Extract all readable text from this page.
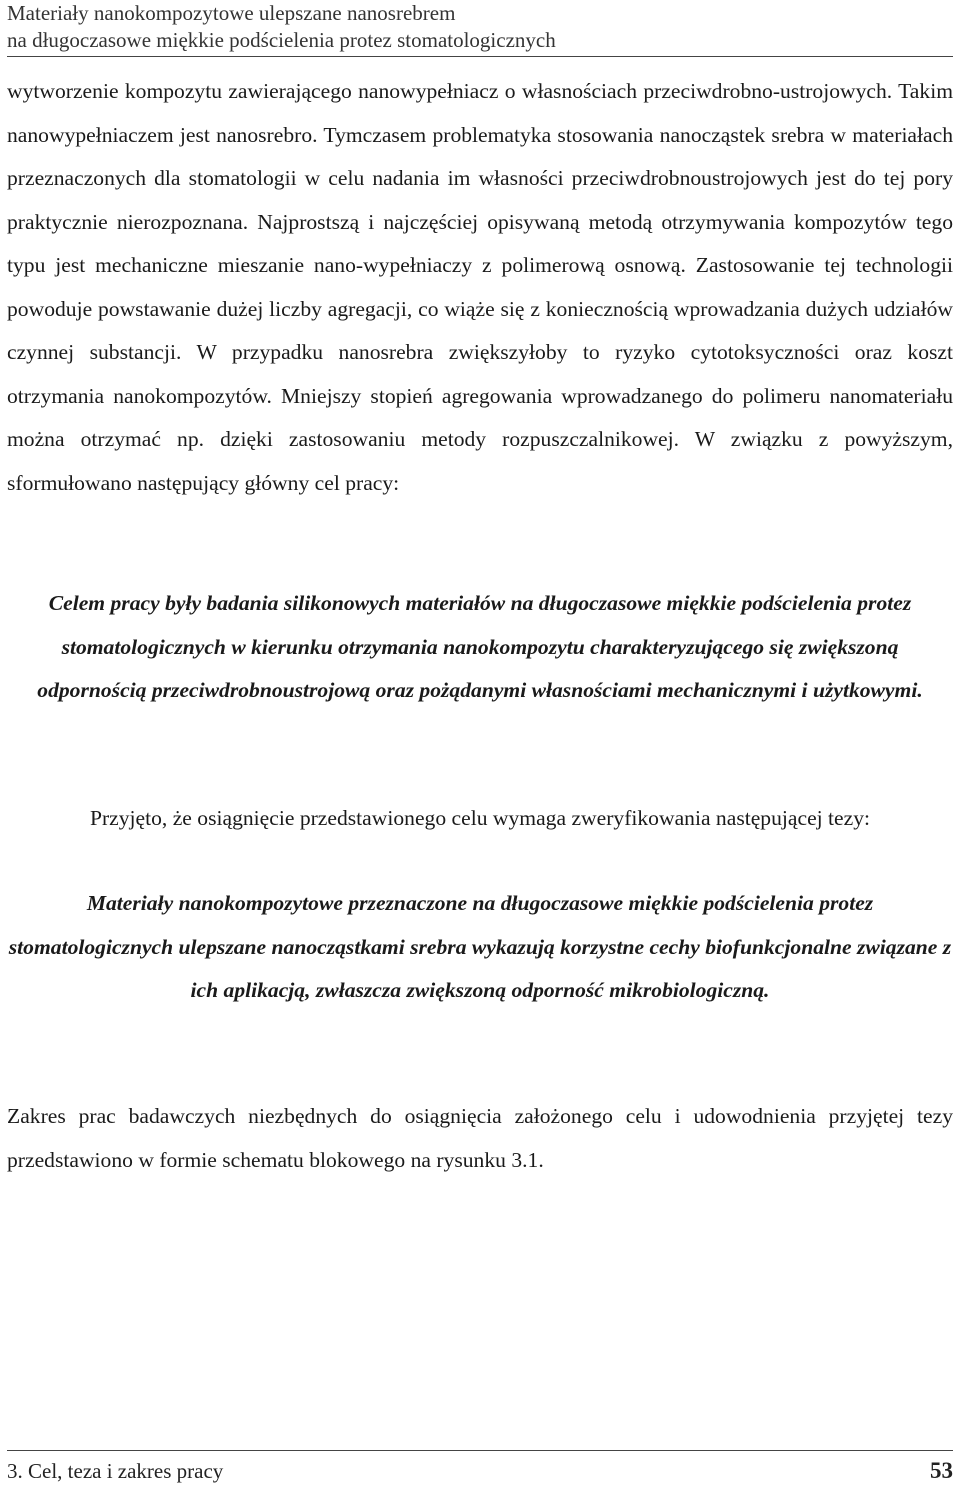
Materiały nanokompozytowe ulepszane nanosrebrem
na długoczasowe miękkie podścielenia protez stomatologicznych
wytworzenie kompozytu zawierającego nanowypełniacz o własnościach przeciwdrobno-ustrojowych. Takim nanowypełniaczem jest nanosrebro. Tymczasem problematyka stosowania nanocząstek srebra w materiałach przeznaczonych dla stomatologii w celu nadania im własności przeciwdrobnoustrojowych jest do tej pory praktycznie nierozpoznana. Najprostszą i najczęściej opisywaną metodą otrzymywania kompozytów tego typu jest mechaniczne mieszanie nano-wypełniaczy z polimerową osnową. Zastosowanie tej technologii powoduje powstawanie dużej liczby agregacji, co wiąże się z koniecznością wprowadzania dużych udziałów czynnej substancji. W przypadku nanosrebra zwiększyłoby to ryzyko cytotoksyczności oraz koszt otrzymania nanokompozytów. Mniejszy stopień agregowania wprowadzanego do polimeru nanomateriału można otrzymać np. dzięki zastosowaniu metody rozpuszczalnikowej. W związku z powyższym, sformułowano następujący główny cel pracy:
Celem pracy były badania silikonowych materiałów na długoczasowe miękkie podścielenia protez stomatologicznych w kierunku otrzymania nanokompozytu charakteryzującego się zwiększoną odpornością przeciwdrobnoustrojową oraz pożądanymi własnościami mechanicznymi i użytkowymi.
Przyjęto, że osiągnięcie przedstawionego celu wymaga zweryfikowania następującej tezy:
Materiały nanokompozytowe przeznaczone na długoczasowe miękkie podścielenia protez stomatologicznych ulepszane nanocząstkami srebra wykazują korzystne cechy biofunkcjonalne związane z ich aplikacją, zwłaszcza zwiększoną odporność mikrobiologiczną.
Zakres prac badawczych niezbędnych do osiągnięcia założonego celu i udowodnienia przyjętej tezy przedstawiono w formie schematu blokowego na rysunku 3.1.
3. Cel, teza i zakres pracy	53
